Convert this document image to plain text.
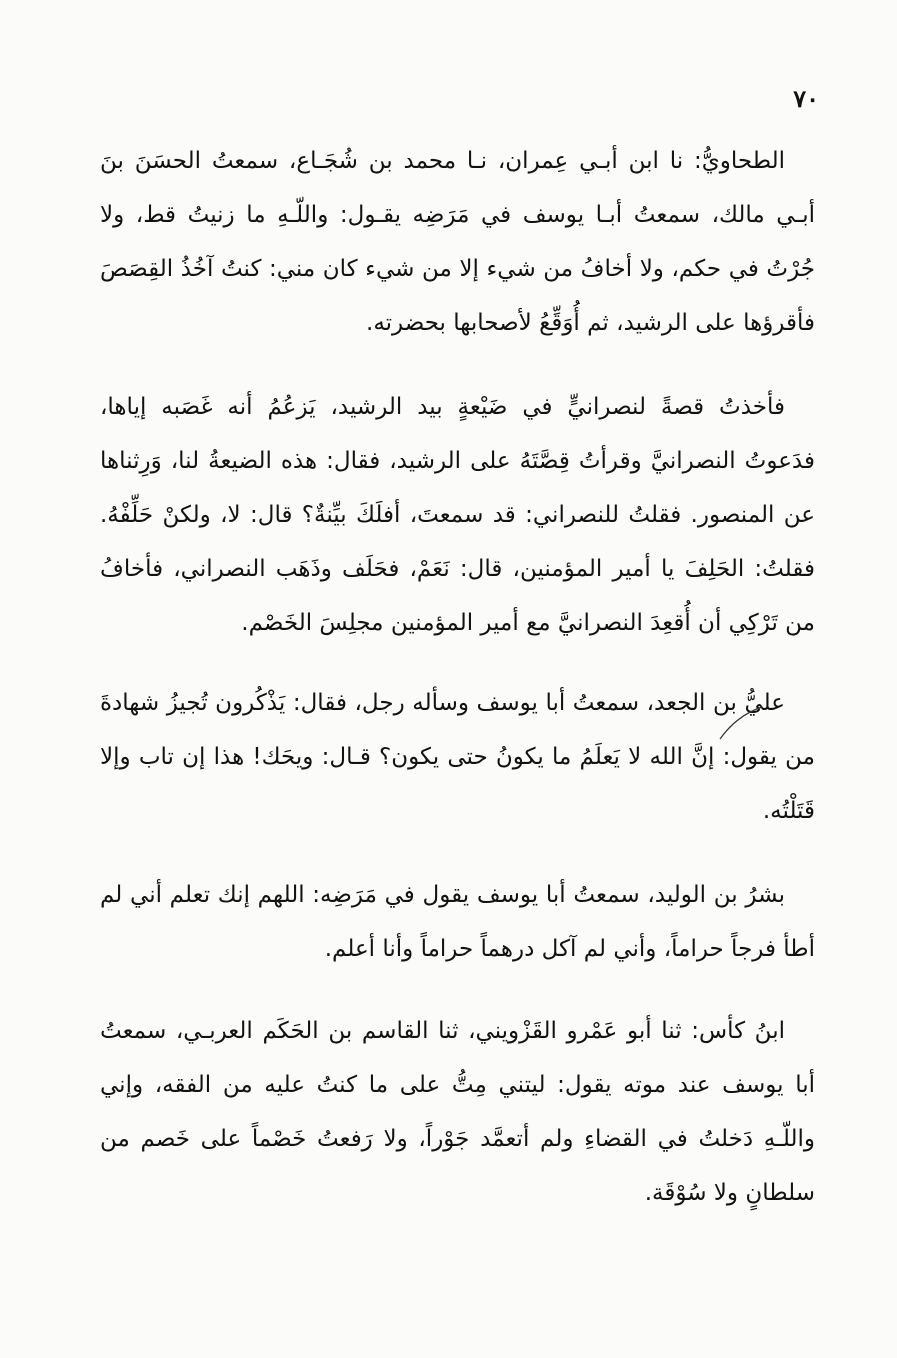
٧٠

الطحاويُّ: نا ابن أبـي عِمران، نـا محمد بن شُجَـاع، سمعتُ الحسَنَ بنَ أبـي مالك، سمعتُ أبـا يوسف في مَرَضِه يقـول: واللّـهِ ما زنيتُ قط، ولا جُرْتُ في حكم، ولا أخافُ من شيء إلا من شيء كان مني: كنتُ آخُذُ القِصَصَ فأقرؤها على الرشيد، ثم أُوَقِّعُ لأصحابها بحضرته.

فأخذتُ قصةً لنصرانيٍّ في ضَيْعةٍ بيد الرشيد، يَزعُمُ أنه غَصَبه إياها، فدَعوتُ النصرانيَّ وقرأتُ قِصَّتَهُ على الرشيد، فقال: هذه الضيعةُ لنا، وَرِثناها عن المنصور. فقلتُ للنصراني: قد سمعتَ، أفلَكَ بيِّنةٌ؟ قال: لا، ولكنْ حَلِّفْهُ. فقلتُ: الحَلِفَ يا أمير المؤمنين، قال: نَعَمْ، فحَلَف وذَهَب النصراني، فأخافُ من تَرْكِي أن أُقعِدَ النصرانيَّ مع أمير المؤمنين مجلِسَ الخَصْم.

عليُّ بن الجعد، سمعتُ أبا يوسف وسأله رجل، فقال: يَذْكُرون تُجيزُ شهادةَ من يقول: إنَّ الله لا يَعلَمُ ما يكونُ حتى يكون؟ قـال: ويحَك! هذا إن تاب وإلا قَتَلْتُه.

بشرُ بن الوليد، سمعتُ أبا يوسف يقول في مَرَضِه: اللهم إنك تعلم أني لم أطأ فرجاً حراماً، وأني لم آكل درهماً حراماً وأنا أعلم.

ابنُ كأس: ثنا أبو عَمْرو القَزْويني، ثنا القاسم بن الحَكَم العربـي، سمعتُ أبا يوسف عند موته يقول: ليتني مِتُّ على ما كنتُ عليه من الفقه، وإني واللّـهِ دَخلتُ في القضاءِ ولم أتعمَّد جَوْراً، ولا رَفعتُ خَصْماً على خَصم من سلطانٍ ولا سُوْقَة.
